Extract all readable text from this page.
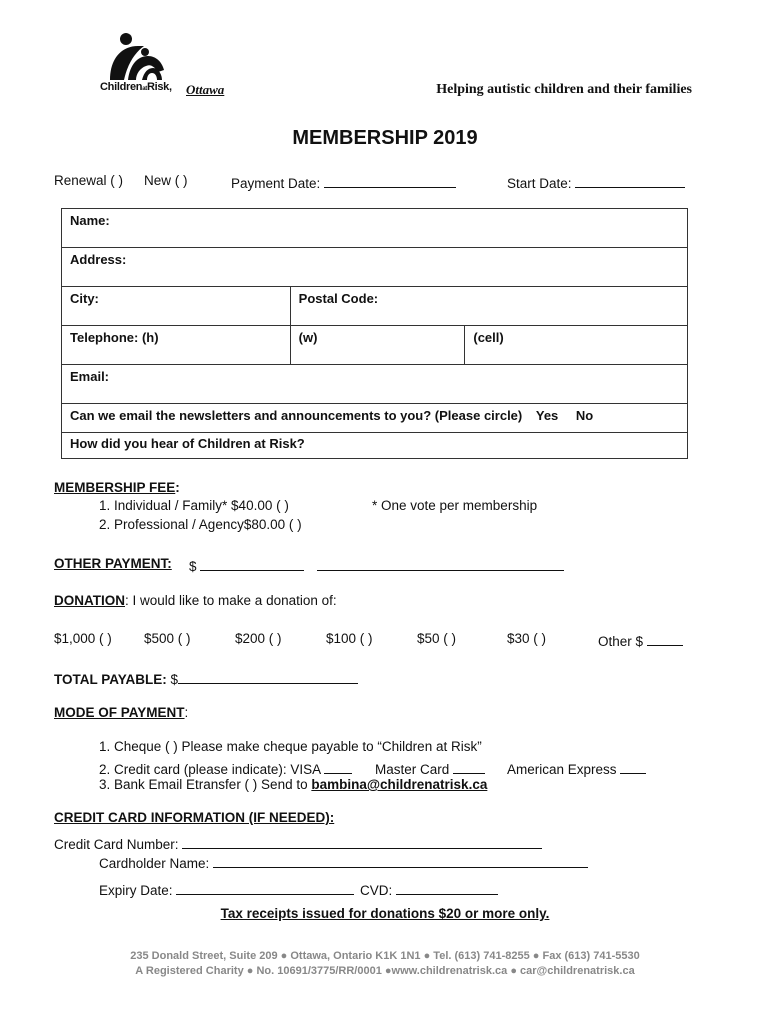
ChildrenatRisk, Ottawa	Helping autistic children and their families
MEMBERSHIP 2019
Renewal ( ) New ( )	Payment Date:	Start Date:
Name:		
Address:		
City:	Postal Code:	
Telephone: (h)	(w)	(cell)
Email:		
Can we email the newsletters and announcements to you? (Please circle) Yes No		
How did you hear of Children at Risk?		
MEMBERSHIP FEE:
1. Individual / Family* $40.00 ( )	* One vote per membership
2. Professional / Agency$80.00 ( )
OTHER PAYMENT: $
DONATION: I would like to make a donation of:
$1,000 ( ) $500 ( )	$200 ( )	$100 ( )	$50 ( )	$30 ( )	Other $
TOTAL PAYABLE: $
MODE OF PAYMENT:
1. Cheque ( ) Please make cheque payable to “Children at Risk”
2. Credit card (please indicate): VISA	Master Card	American Express
3. Bank Email Etransfer ( ) Send to bambina@childrenatrisk.ca
CREDIT CARD INFORMATION (IF NEEDED):
Credit Card Number:
Cardholder Name:
Expiry Date:	CVD:
Tax receipts issued for donations $20 or more only.
235 Donald Street, Suite 209 ● Ottawa, Ontario K1K 1N1 ● Tel. (613) 741-8255 ● Fax (613) 741-5530
A Registered Charity ● No. 10691/3775/RR/0001 ●www.childrenatrisk.ca ● car@childrenatrisk.ca
